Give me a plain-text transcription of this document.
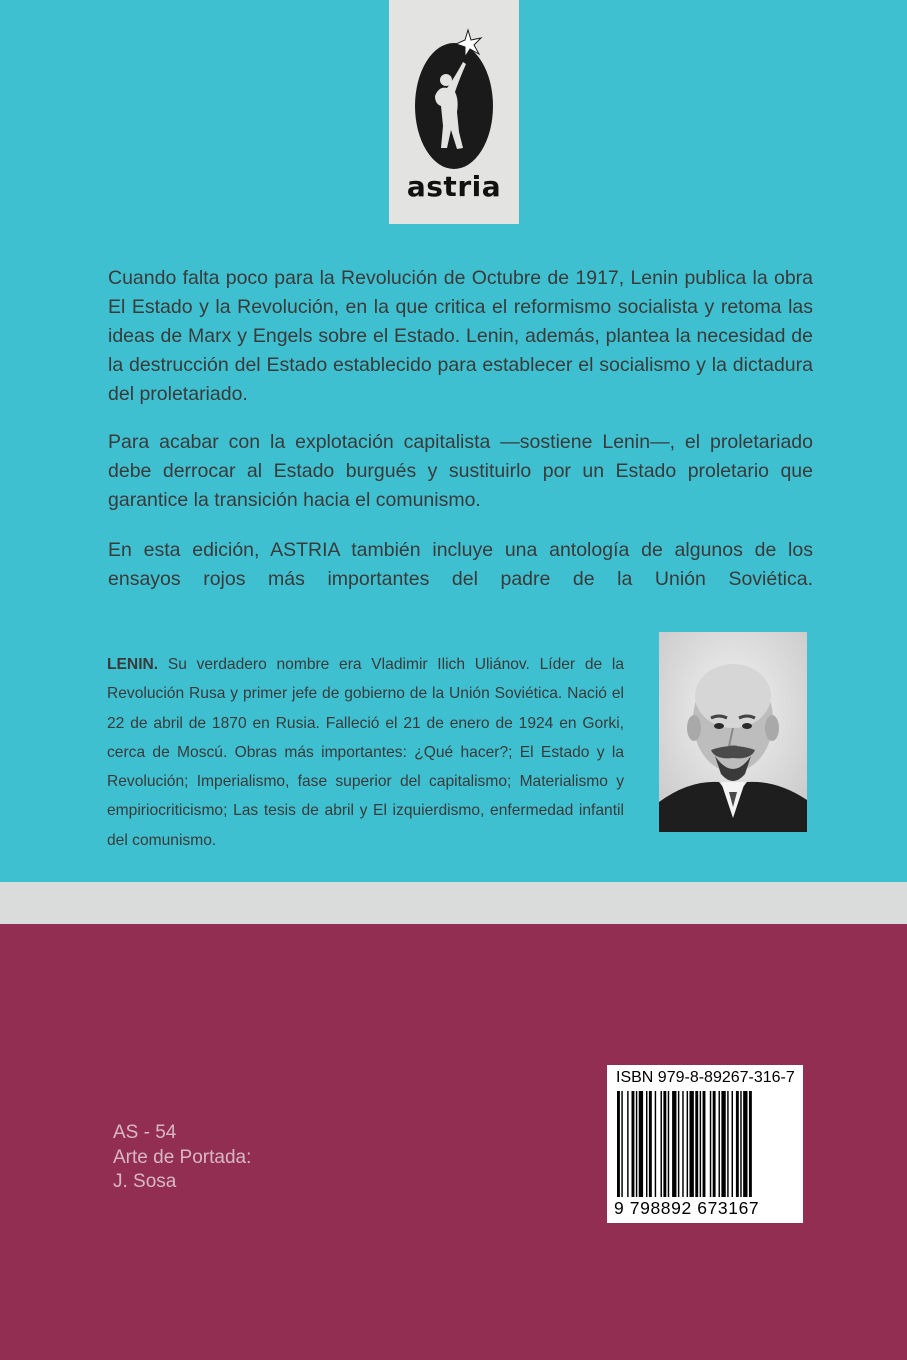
astria

Cuando falta poco para la Revolución de Octubre de 1917, Lenin publica la obra El Estado y la Revolución, en la que critica el reformismo socialista y retoma las ideas de Marx y Engels sobre el Estado. Lenin, además, plantea la necesidad de la destrucción del Estado establecido para establecer el socialismo y la dictadura del proletariado.

Para acabar con la explotación capitalista —sostiene Lenin—, el proletariado debe derrocar al Estado burgués y sustituirlo por un Estado proletario que garantice la transición hacia el comunismo.

En esta edición, ASTRIA también incluye una antología de algunos de los ensayos rojos más importantes del padre de la Unión Soviética.

LENIN. Su verdadero nombre era Vladimir Ilich Uliánov. Líder de la Revolución Rusa y primer jefe de gobierno de la Unión Soviética. Nació el 22 de abril de 1870 en Rusia. Falleció el 21 de enero de 1924 en Gorki, cerca de Moscú. Obras más importantes: ¿Qué hacer?; El Estado y la Revolución; Imperialismo, fase superior del capitalismo; Materialismo y empiriocriticismo; Las tesis de abril y El izquierdismo, enfermedad infantil del comunismo.

AS - 54
Arte de Portada:
J. Sosa
ISBN 979-8-89267-316-7
9 798892 673167
